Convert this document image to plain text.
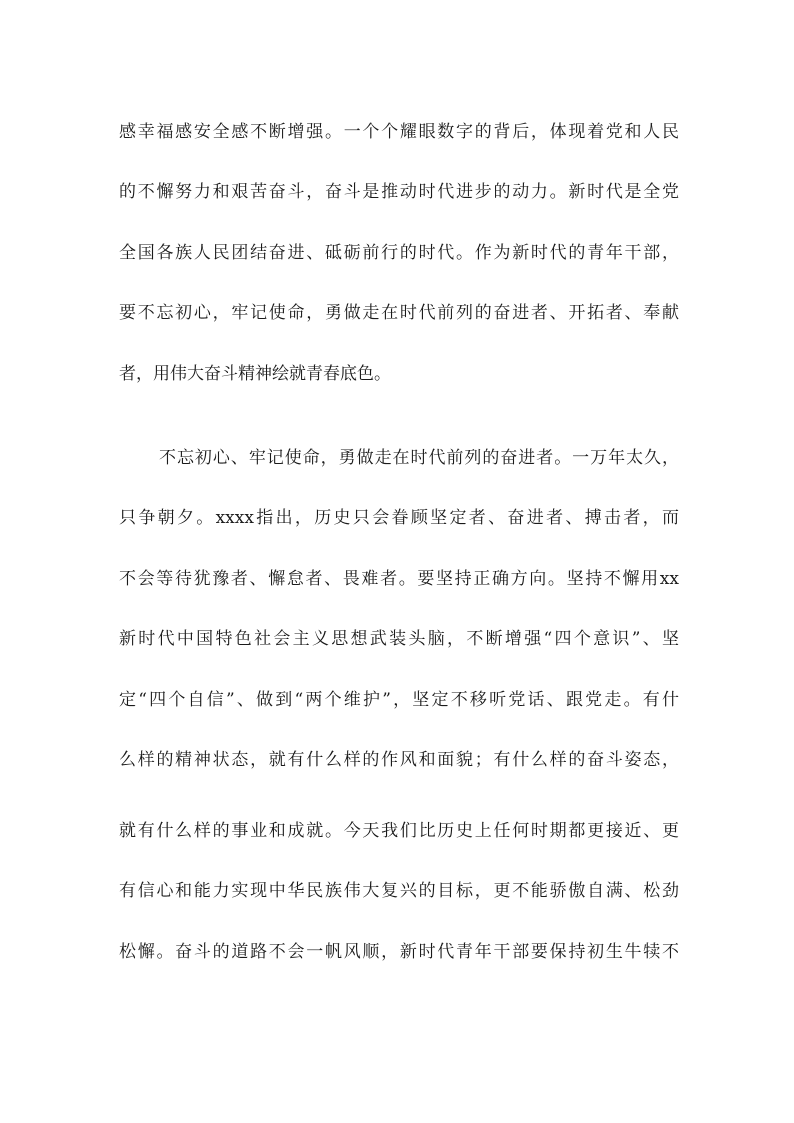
感幸福感安全感不断增强。一个个耀眼数字的背后，体现着党和人民
的不懈努力和艰苦奋斗，奋斗是推动时代进步的动力。新时代是全党
全国各族人民团结奋进、砥砺前行的时代。作为新时代的青年干部，
要不忘初心，牢记使命，勇做走在时代前列的奋进者、开拓者、奉献
者，用伟大奋斗精神绘就青春底色。
不忘初心、牢记使命，勇做走在时代前列的奋进者。一万年太久，
只争朝夕。xxxx指出，历史只会眷顾坚定者、奋进者、搏击者，而
不会等待犹豫者、懈怠者、畏难者。要坚持正确方向。坚持不懈用xx
新时代中国特色社会主义思想武装头脑，不断增强“四个意识”、坚
定“四个自信”、做到“两个维护”，坚定不移听党话、跟党走。有什
么样的精神状态，就有什么样的作风和面貌；有什么样的奋斗姿态，
就有什么样的事业和成就。今天我们比历史上任何时期都更接近、更
有信心和能力实现中华民族伟大复兴的目标，更不能骄傲自满、松劲
松懈。奋斗的道路不会一帆风顺，新时代青年干部要保持初生牛犊不
